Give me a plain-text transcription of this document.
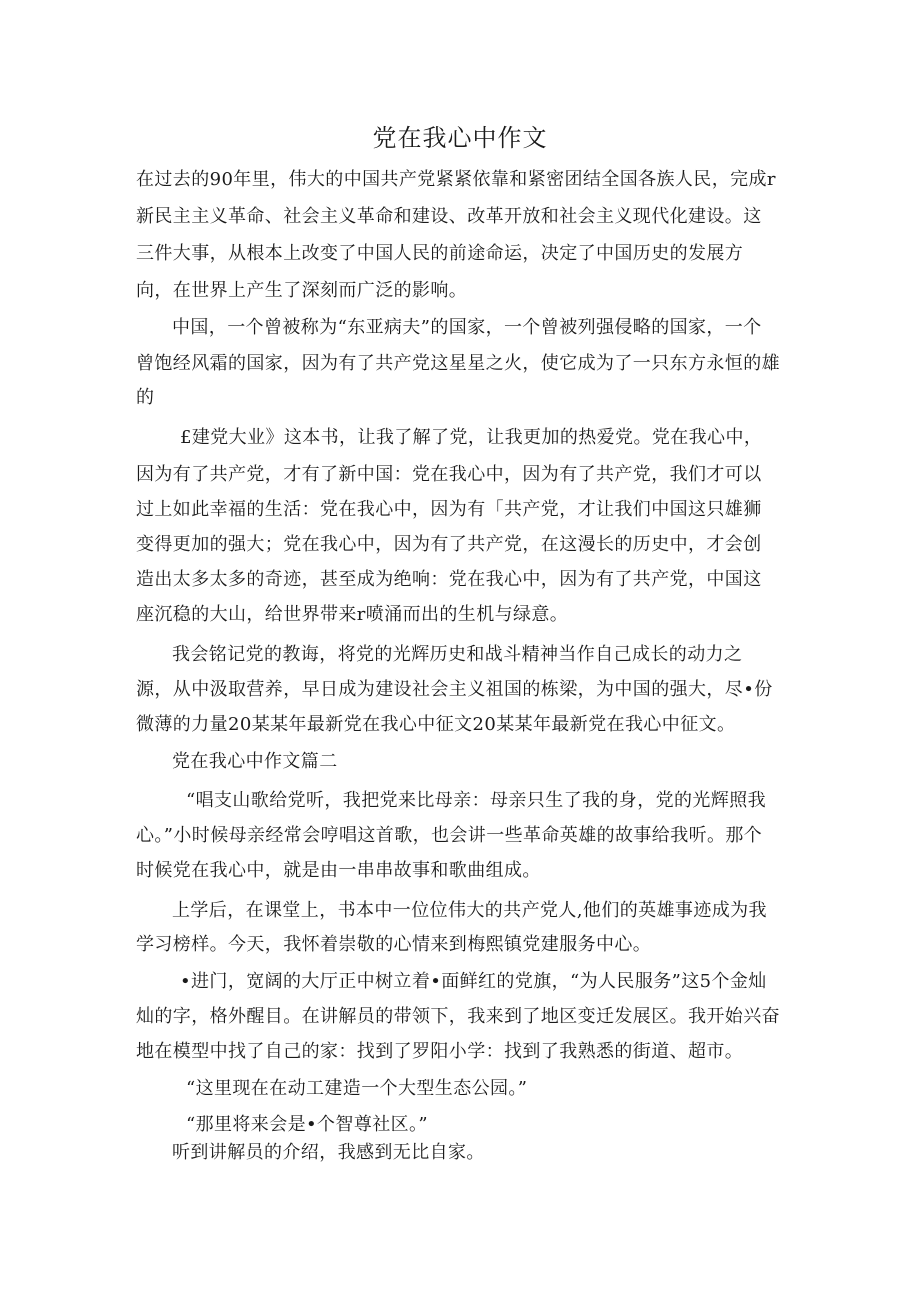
党在我心中作文

在过去的90年里，伟大的中国共产党紧紧依靠和紧密团结全国各族人民，完成r

新民主主义革命、社会主义革命和建设、改革开放和社会主义现代化建设。这

三件大事，从根本上改变了中国人民的前途命运，决定了中国历史的发展方

向，在世界上产生了深刻而广泛的影响。

中国，一个曾被称为“东亚病夫”的国家，一个曾被列强侵略的国家，一个

曾饱经风霜的国家，因为有了共产党这星星之火，使它成为了一只东方永恒的雄

的

£建党大业》这本书，让我了解了党，让我更加的热爱党。党在我心中，

因为有了共产党，才有了新中国：党在我心中，因为有了共产党，我们才可以

过上如此幸福的生活：党在我心中，因为有「共产党，才让我们中国这只雄狮

变得更加的强大；党在我心中，因为有了共产党，在这漫长的历史中，才会创

造出太多太多的奇迹，甚至成为绝响：党在我心中，因为有了共产党，中国这

座沉稳的大山，给世界带来r喷涌而出的生机与绿意。

我会铭记党的教诲，将党的光辉历史和战斗精神当作自己成长的动力之

源，从中汲取营养，早日成为建设社会主义祖国的栋梁，为中国的强大，尽•份

微薄的力量20某某年最新党在我心中征文20某某年最新党在我心中征文。

党在我心中作文篇二

“唱支山歌给党听，我把党来比母亲：母亲只生了我的身，党的光辉照我

心。”小时候母亲经常会哼唱这首歌，也会讲一些革命英雄的故事给我听。那个

时候党在我心中，就是由一串串故事和歌曲组成。

上学后，在课堂上，书本中一位位伟大的共产党人,他们的英雄事迹成为我

学习榜样。今天，我怀着崇敬的心情来到梅熙镇党建服务中心。

•进门，宽阔的大厅正中树立着•面鲜红的党旗，“为人民服务”这5个金灿

灿的字，格外醒目。在讲解员的带领下，我来到了地区变迁发展区。我开始兴奋

地在模型中找了自己的家：找到了罗阳小学：找到了我熟悉的街道、超市。

“这里现在在动工建造一个大型生态公园。”

“那里将来会是•个智尊社区。”

听到讲解员的介绍，我感到无比自家。
